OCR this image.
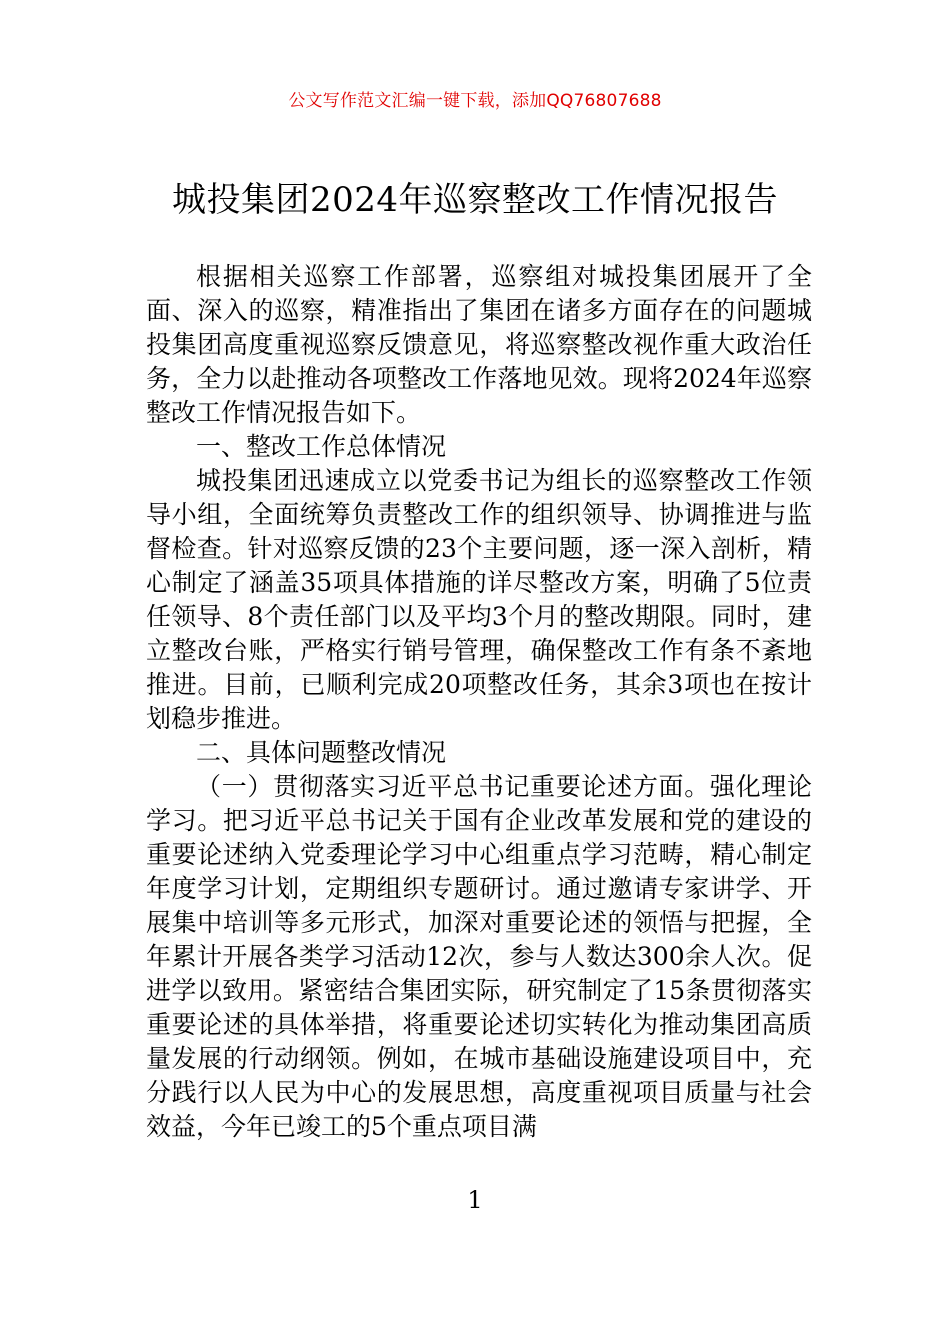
公文写作范文汇编一键下载，添加QQ76807688
城投集团2024年巡察整改工作情况报告

根据相关巡察工作部署，巡察组对城投集团展开了全面、深入的巡察，精准指出了集团在诸多方面存在的问题城投集团高度重视巡察反馈意见，将巡察整改视作重大政治任务，全力以赴推动各项整改工作落地见效。现将2024年巡察整改工作情况报告如下。

一、整改工作总体情况

城投集团迅速成立以党委书记为组长的巡察整改工作领导小组，全面统筹负责整改工作的组织领导、协调推进与监督检查。针对巡察反馈的23个主要问题，逐一深入剖析，精心制定了涵盖35项具体措施的详尽整改方案，明确了5位责任领导、8个责任部门以及平均3个月的整改期限。同时，建立整改台账，严格实行销号管理，确保整改工作有条不紊地推进。目前，已顺利完成20项整改任务，其余3项也在按计划稳步推进。

二、具体问题整改情况

（一）贯彻落实习近平总书记重要论述方面。强化理论学习。把习近平总书记关于国有企业改革发展和党的建设的重要论述纳入党委理论学习中心组重点学习范畴，精心制定年度学习计划，定期组织专题研讨。通过邀请专家讲学、开展集中培训等多元形式，加深对重要论述的领悟与把握，全年累计开展各类学习活动12次，参与人数达300余人次。促进学以致用。紧密结合集团实际，研究制定了15条贯彻落实重要论述的具体举措，将重要论述切实转化为推动集团高质量发展的行动纲领。例如，在城市基础设施建设项目中，充分践行以人民为中心的发展思想，高度重视项目质量与社会效益，今年已竣工的5个重点项目满

1
